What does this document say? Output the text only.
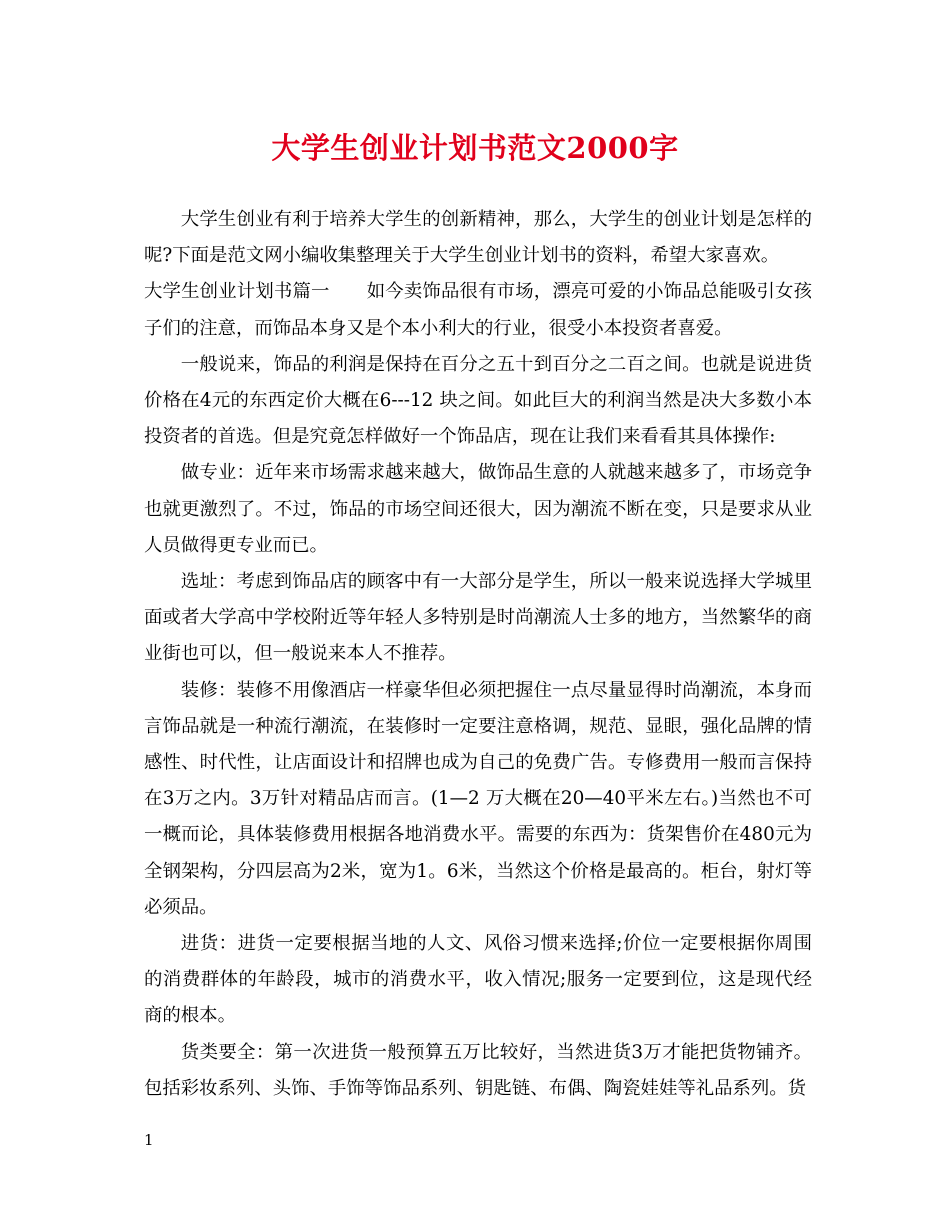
大学生创业计划书范文2000字

大学生创业有利于培养大学生的创新精神，那么，大学生的创业计划是怎样的呢?下面是范文网小编收集整理关于大学生创业计划书的资料，希望大家喜欢。

大学生创业计划书篇一　　如今卖饰品很有市场，漂亮可爱的小饰品总能吸引女孩子们的注意，而饰品本身又是个本小利大的行业，很受小本投资者喜爱。

一般说来，饰品的利润是保持在百分之五十到百分之二百之间。也就是说进货价格在4元的东西定价大概在6---12 块之间。如此巨大的利润当然是决大多数小本投资者的首选。但是究竟怎样做好一个饰品店，现在让我们来看看其具体操作:

做专业：近年来市场需求越来越大，做饰品生意的人就越来越多了，市场竞争也就更激烈了。不过，饰品的市场空间还很大，因为潮流不断在变，只是要求从业人员做得更专业而已。

选址：考虑到饰品店的顾客中有一大部分是学生，所以一般来说选择大学城里面或者大学高中学校附近等年轻人多特别是时尚潮流人士多的地方，当然繁华的商业街也可以，但一般说来本人不推荐。

装修：装修不用像酒店一样豪华但必须把握住一点尽量显得时尚潮流，本身而言饰品就是一种流行潮流，在装修时一定要注意格调，规范、显眼，强化品牌的情感性、时代性，让店面设计和招牌也成为自己的免费广告。专修费用一般而言保持在3万之内。3万针对精品店而言。(1—2 万大概在20—40平米左右。)当然也不可一概而论，具体装修费用根据各地消费水平。需要的东西为：货架售价在480元为全钢架构，分四层高为2米，宽为1。6米，当然这个价格是最高的。柜台，射灯等必须品。

进货：进货一定要根据当地的人文、风俗习惯来选择;价位一定要根据你周围的消费群体的年龄段，城市的消费水平，收入情况;服务一定要到位，这是现代经商的根本。

货类要全：第一次进货一般预算五万比较好，当然进货3万才能把货物铺齐。包括彩妆系列、头饰、手饰等饰品系列、钥匙链、布偶、陶瓷娃娃等礼品系列。货

1
